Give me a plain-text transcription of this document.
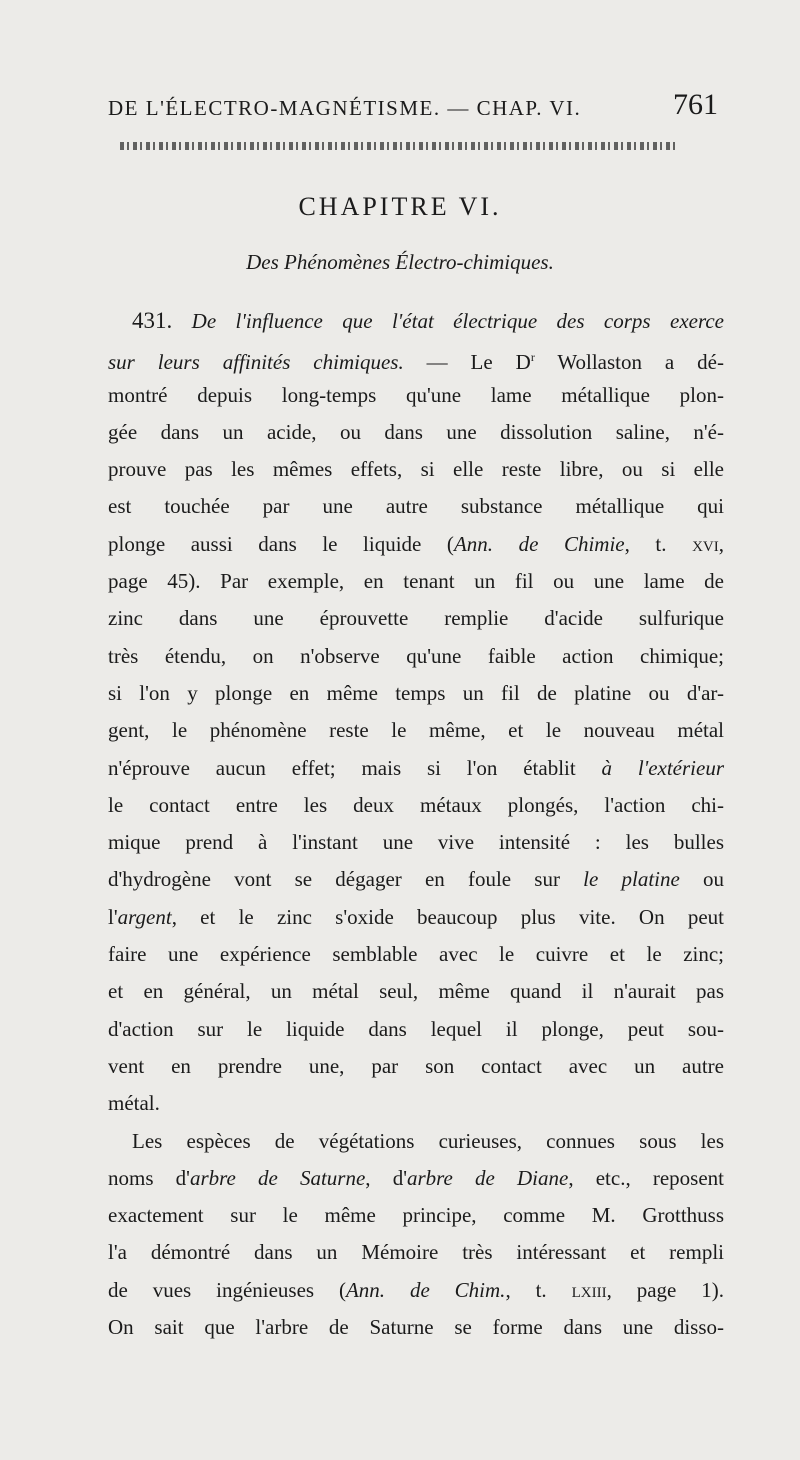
DE L'ÉLECTRO-MAGNÉTISME. — CHAP. VI.	761
CHAPITRE VI.
Des Phénomènes Électro-chimiques.
431. De l'influence que l'état électrique des corps exerce
sur leurs affinités chimiques. — Le $D^r$ Wollaston a dé-
montré depuis long-temps qu'une lame métallique plon-
gée dans un acide, ou dans une dissolution saline, n'é-
prouve pas les mêmes effets, si elle reste libre, ou si elle
est touchée par une autre substance métallique qui
plonge aussi dans le liquide (Ann. de Chimie, t. xvi,
page 45). Par exemple, en tenant un fil ou une lame de
zinc dans une éprouvette remplie d'acide sulfurique
très étendu, on n'observe qu'une faible action chimique;
si l'on y plonge en même temps un fil de platine ou d'ar-
gent, le phénomène reste le même, et le nouveau métal
n'éprouve aucun effet; mais si l'on établit à l'extérieur
le contact entre les deux métaux plongés, l'action chi-
mique prend à l'instant une vive intensité : les bulles
d'hydrogène vont se dégager en foule sur le platine ou
l'argent, et le zinc s'oxide beaucoup plus vite. On peut
faire une expérience semblable avec le cuivre et le zinc;
et en général, un métal seul, même quand il n'aurait pas
d'action sur le liquide dans lequel il plonge, peut sou-
vent en prendre une, par son contact avec un autre
métal.
Les espèces de végétations curieuses, connues sous les
noms d'arbre de Saturne, d'arbre de Diane, etc., reposent
exactement sur le même principe, comme M. Grotthuss
l'a démontré dans un Mémoire très intéressant et rempli
de vues ingénieuses (Ann. de Chim., t. lxiii, page 1).
On sait que l'arbre de Saturne se forme dans une disso-
